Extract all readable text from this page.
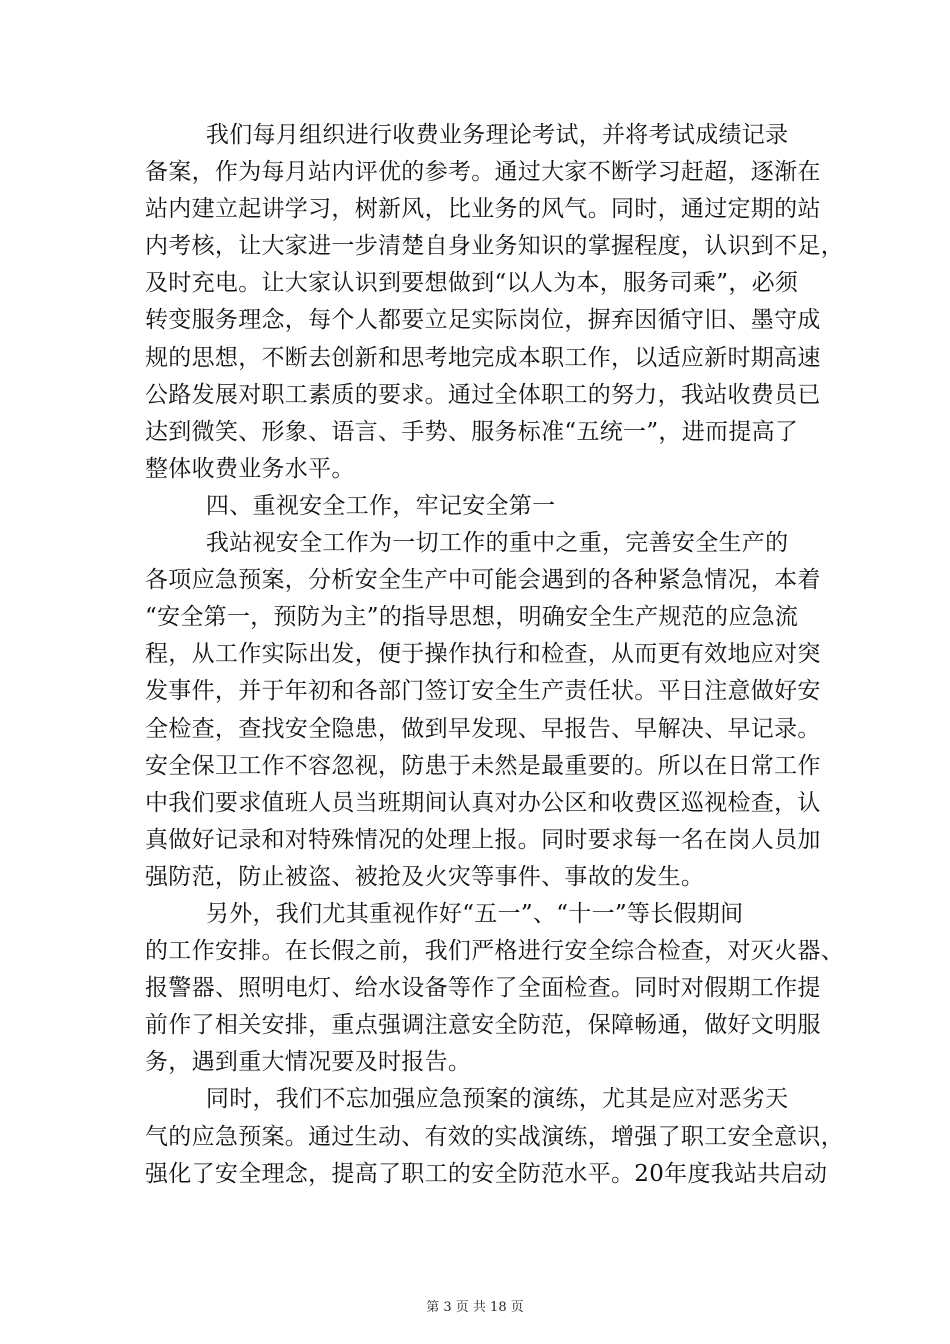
我们每月组织进行收费业务理论考试，并将考试成绩记录
备案，作为每月站内评优的参考。通过大家不断学习赶超，逐渐在
站内建立起讲学习，树新风，比业务的风气。同时，通过定期的站
内考核，让大家进一步清楚自身业务知识的掌握程度，认识到不足，
及时充电。让大家认识到要想做到“以人为本，服务司乘”，必须
转变服务理念，每个人都要立足实际岗位，摒弃因循守旧、墨守成
规的思想，不断去创新和思考地完成本职工作，以适应新时期高速
公路发展对职工素质的要求。通过全体职工的努力，我站收费员已
达到微笑、形象、语言、手势、服务标准“五统一”，进而提高了
整体收费业务水平。
四、重视安全工作，牢记安全第一
我站视安全工作为一切工作的重中之重，完善安全生产的
各项应急预案，分析安全生产中可能会遇到的各种紧急情况，本着
“安全第一，预防为主”的指导思想，明确安全生产规范的应急流
程，从工作实际出发，便于操作执行和检查，从而更有效地应对突
发事件，并于年初和各部门签订安全生产责任状。平日注意做好安
全检查，查找安全隐患，做到早发现、早报告、早解决、早记录。
安全保卫工作不容忽视，防患于未然是最重要的。所以在日常工作
中我们要求值班人员当班期间认真对办公区和收费区巡视检查，认
真做好记录和对特殊情况的处理上报。同时要求每一名在岗人员加
强防范，防止被盗、被抢及火灾等事件、事故的发生。
另外，我们尤其重视作好“五一”、“十一”等长假期间
的工作安排。在长假之前，我们严格进行安全综合检查，对灭火器、
报警器、照明电灯、给水设备等作了全面检查。同时对假期工作提
前作了相关安排，重点强调注意安全防范，保障畅通，做好文明服
务，遇到重大情况要及时报告。
同时，我们不忘加强应急预案的演练，尤其是应对恶劣天
气的应急预案。通过生动、有效的实战演练，增强了职工安全意识，
强化了安全理念，提高了职工的安全防范水平。20年度我站共启动
第 3 页 共 18 页
